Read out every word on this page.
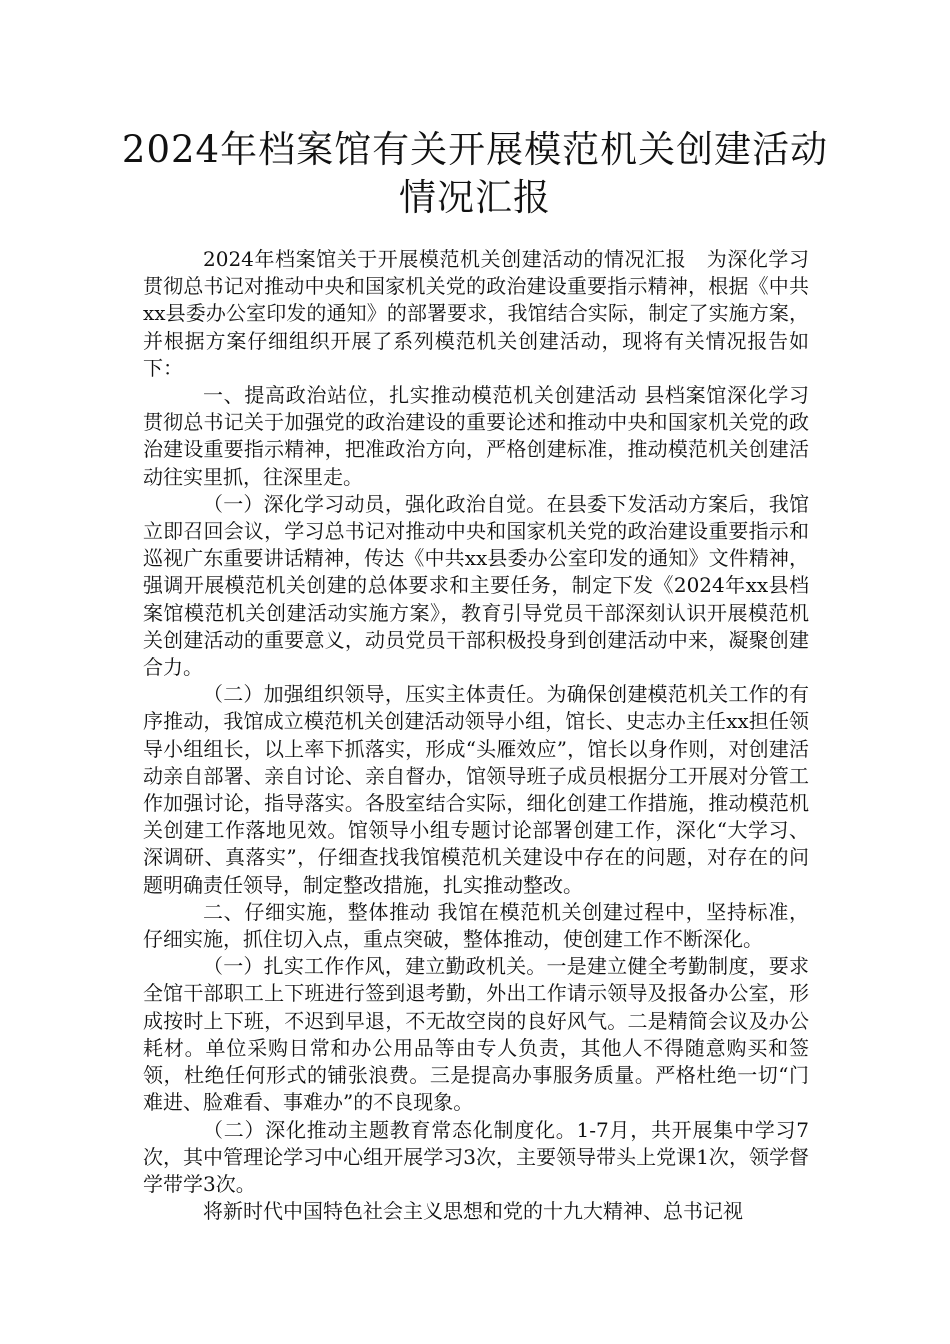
2024年档案馆有关开展模范机关创建活动
情况汇报

2024年档案馆关于开展模范机关创建活动的情况汇报　为深化学习贯彻总书记对推动中央和国家机关党的政治建设重要指示精神，根据《中共xx县委办公室印发的通知》的部署要求，我馆结合实际，制定了实施方案，并根据方案仔细组织开展了系列模范机关创建活动，现将有关情况报告如下：

一、提高政治站位，扎实推动模范机关创建活动 县档案馆深化学习贯彻总书记关于加强党的政治建设的重要论述和推动中央和国家机关党的政治建设重要指示精神，把准政治方向，严格创建标准，推动模范机关创建活动往实里抓，往深里走。

（一）深化学习动员，强化政治自觉。在县委下发活动方案后，我馆立即召回会议，学习总书记对推动中央和国家机关党的政治建设重要指示和巡视广东重要讲话精神，传达《中共xx县委办公室印发的通知》文件精神，强调开展模范机关创建的总体要求和主要任务，制定下发《2024年xx县档案馆模范机关创建活动实施方案》，教育引导党员干部深刻认识开展模范机关创建活动的重要意义，动员党员干部积极投身到创建活动中来，凝聚创建合力。

（二）加强组织领导，压实主体责任。为确保创建模范机关工作的有序推动，我馆成立模范机关创建活动领导小组，馆长、史志办主任xx担任领导小组组长，以上率下抓落实，形成“头雁效应”，馆长以身作则，对创建活动亲自部署、亲自讨论、亲自督办，馆领导班子成员根据分工开展对分管工作加强讨论，指导落实。各股室结合实际，细化创建工作措施，推动模范机关创建工作落地见效。馆领导小组专题讨论部署创建工作，深化“大学习、深调研、真落实”，仔细查找我馆模范机关建设中存在的问题，对存在的问题明确责任领导，制定整改措施，扎实推动整改。

二、仔细实施，整体推动 我馆在模范机关创建过程中，坚持标准，仔细实施，抓住切入点，重点突破，整体推动，使创建工作不断深化。

（一）扎实工作作风，建立勤政机关。一是建立健全考勤制度，要求全馆干部职工上下班进行签到退考勤，外出工作请示领导及报备办公室，形成按时上下班，不迟到早退，不无故空岗的良好风气。二是精简会议及办公耗材。单位采购日常和办公用品等由专人负责，其他人不得随意购买和签领，杜绝任何形式的铺张浪费。三是提高办事服务质量。严格杜绝一切“门难进、脸难看、事难办”的不良现象。

（二）深化推动主题教育常态化制度化。1-7月，共开展集中学习7次，其中管理论学习中心组开展学习3次，主要领导带头上党课1次，领学督学带学3次。

将新时代中国特色社会主义思想和党的十九大精神、总书记视
